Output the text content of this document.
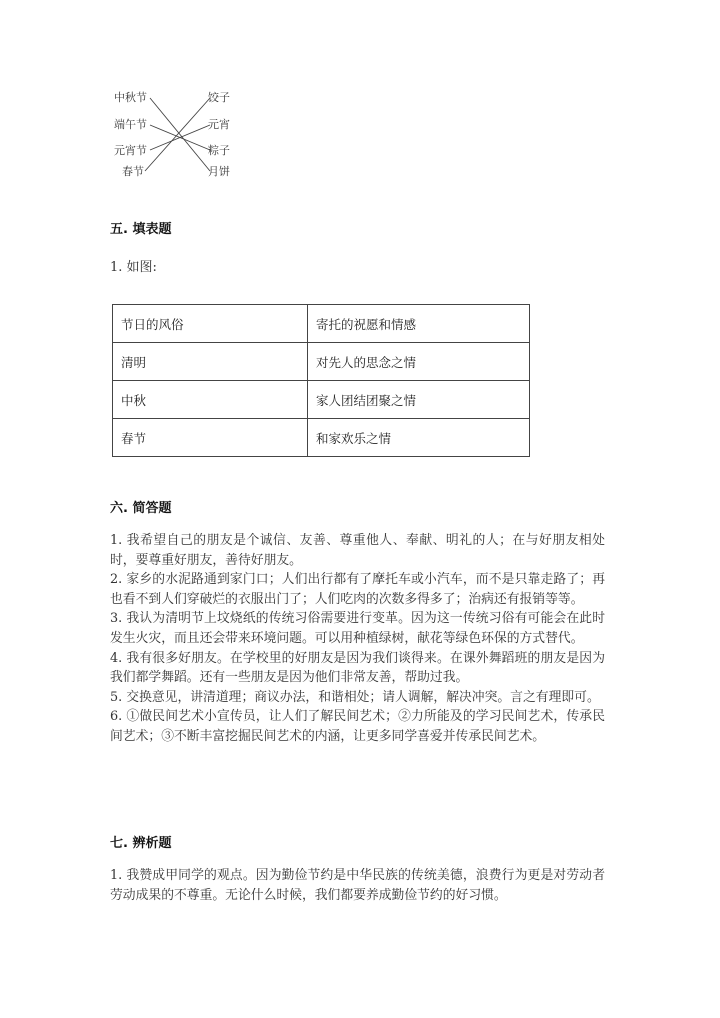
中秋节
端午节
元宵节
春节
饺子
元宵
粽子
月饼
五. 填表题
1. 如图:
节日的风俗	寄托的祝愿和情感
清明	对先人的思念之情
中秋	家人团结团聚之情
春节	和家欢乐之情
六. 简答题

1. 我希望自己的朋友是个诚信、友善、尊重他人、奉献、明礼的人；在与好朋友相处时，要尊重好朋友，善待好朋友。

2. 家乡的水泥路通到家门口；人们出行都有了摩托车或小汽车，而不是只靠走路了；再也看不到人们穿破烂的衣服出门了；人们吃肉的次数多得多了；治病还有报销等等。

3. 我认为清明节上坟烧纸的传统习俗需要进行变革。因为这一传统习俗有可能会在此时发生火灾，而且还会带来环境问题。可以用种植绿树，献花等绿色环保的方式替代。

4. 我有很多好朋友。在学校里的好朋友是因为我们谈得来。在课外舞蹈班的朋友是因为我们都学舞蹈。还有一些朋友是因为他们非常友善，帮助过我。

5. 交换意见，讲清道理；商议办法，和谐相处；请人调解，解决冲突。言之有理即可。

6. ①做民间艺术小宣传员，让人们了解民间艺术；②力所能及的学习民间艺术，传承民间艺术；③不断丰富挖掘民间艺术的内涵，让更多同学喜爱并传承民间艺术。

七. 辨析题

1. 我赞成甲同学的观点。因为勤俭节约是中华民族的传统美德，浪费行为更是对劳动者劳动成果的不尊重。无论什么时候，我们都要养成勤俭节约的好习惯。
